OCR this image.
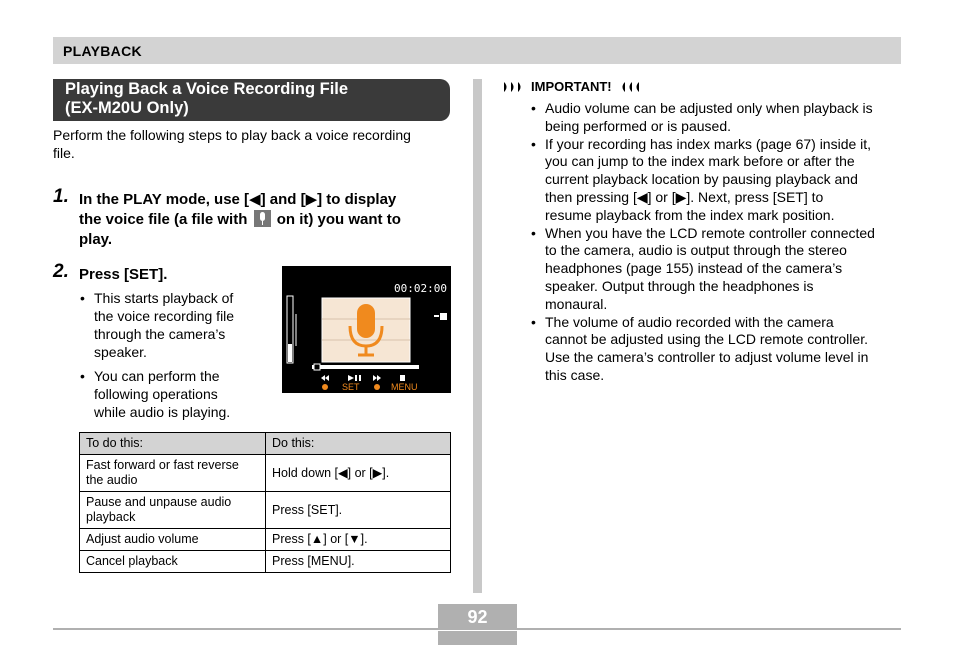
PLAYBACK
Playing Back a Voice Recording File
(EX-M20U Only)
Perform the following steps to play back a voice recording
file.
1. In the PLAY mode, use [◀] and [▶] to display
the voice file (a file with on it) you want to
play.
2. Press [SET].
• This starts playback of
the voice recording file
through the camera’s
speaker.
• You can perform the
following operations
while audio is playing.
00:02:00
SET	MENU
To do this:	Do this:

Fast forward or fast reverse
the audio	Hold down [◀] or [▶].

Pause and unpause audio
playback	Press [SET].

Adjust audio volume	Press [▲] or [▼].

Cancel playback	Press [MENU].
IMPORTANT!
• Audio volume can be adjusted only when playback is
being performed or is paused.
• If your recording has index marks (page 67) inside it,
you can jump to the index mark before or after the
current playback location by pausing playback and
then pressing [◀] or [▶]. Next, press [SET] to
resume playback from the index mark position.
• When you have the LCD remote controller connected
to the camera, audio is output through the stereo
headphones (page 155) instead of the camera’s
speaker. Output through the headphones is
monaural.
• The volume of audio recorded with the camera
cannot be adjusted using the LCD remote controller.
Use the camera’s controller to adjust volume level in
this case.
92
